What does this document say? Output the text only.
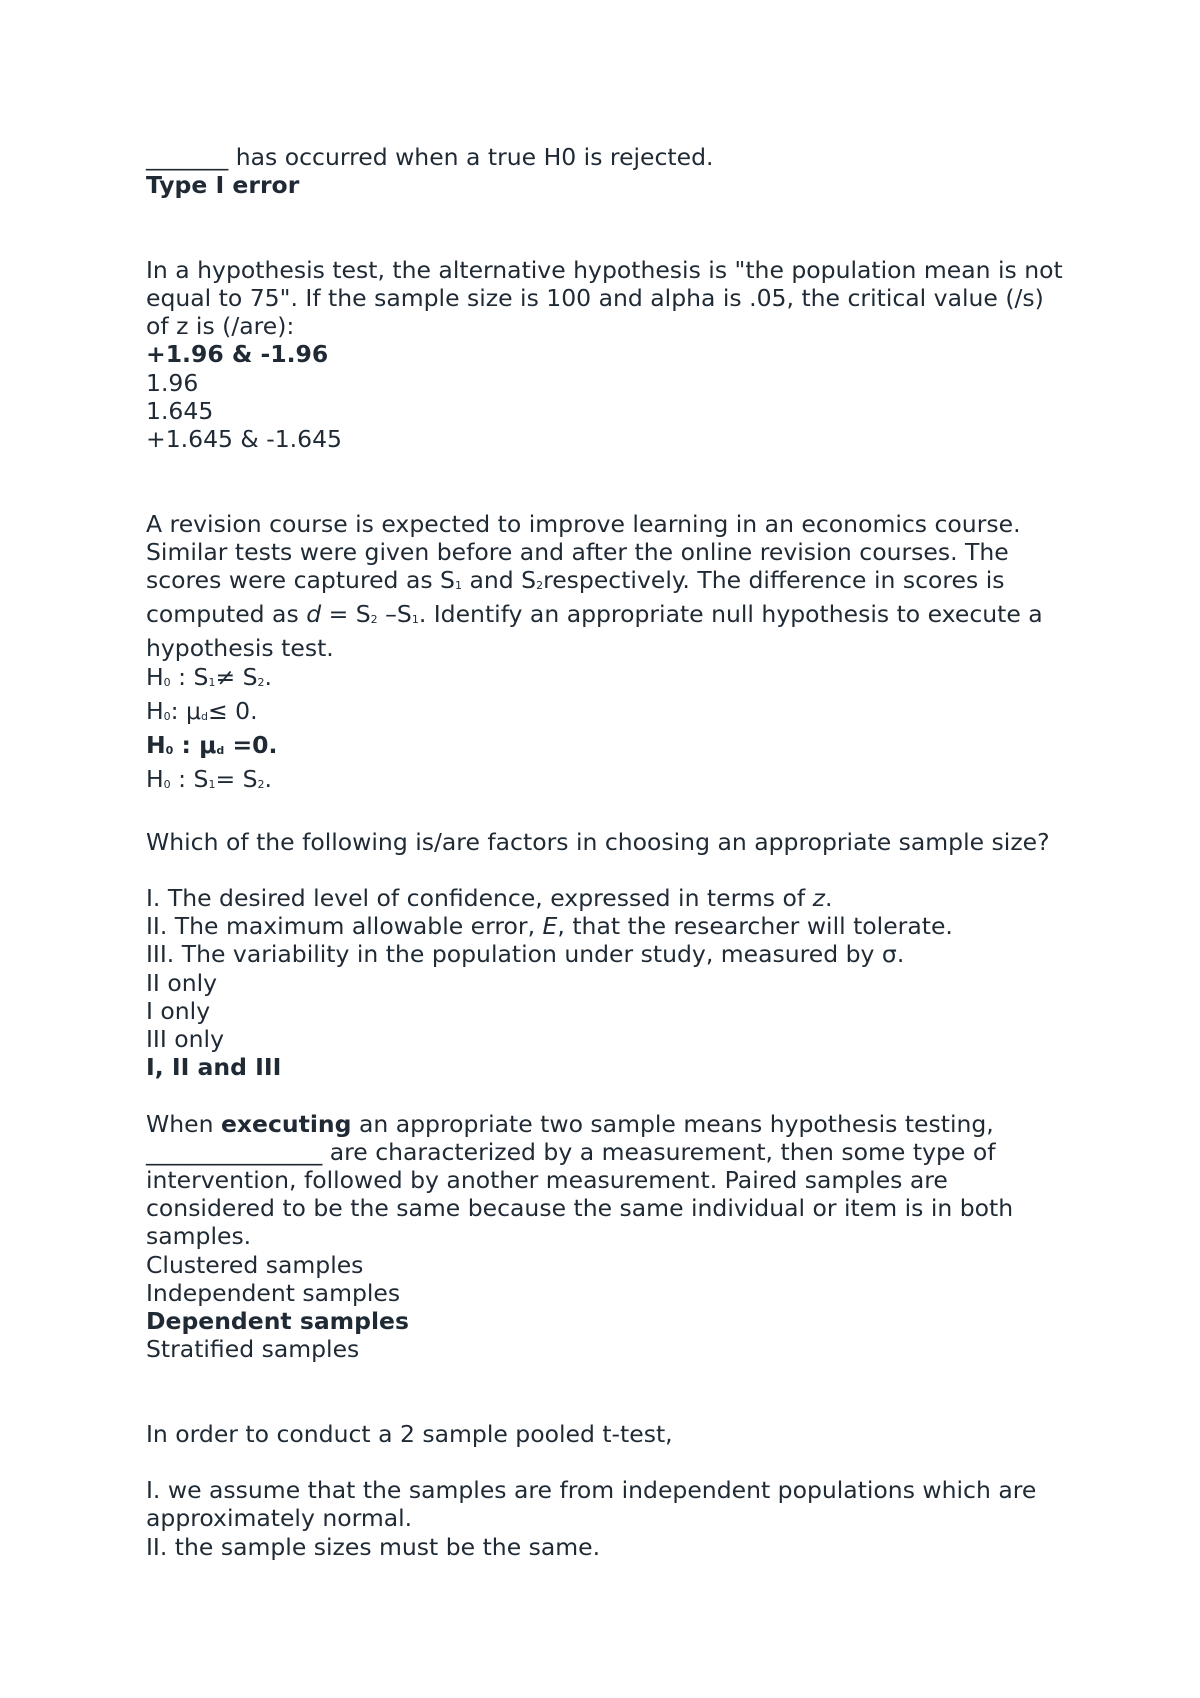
_______ has occurred when a true H0 is rejected.
Type I error
In a hypothesis test, the alternative hypothesis is "the population mean is not equal to 75". If the sample size is 100 and alpha is .05, the critical value (/s) of z is (/are):
+1.96 & -1.96
1.96
1.645
+1.645 & -1.645
A revision course is expected to improve learning in an economics course. Similar tests were given before and after the online revision courses. The scores were captured as S1 and S2respectively. The difference in scores is computed as d = S2 –S1. Identify an appropriate null hypothesis to execute a hypothesis test.
H0 : S1≠ S2.
H0: μd≤ 0.
H0 : μd =0.
H0 : S1= S2.
Which of the following is/are factors in choosing an appropriate sample size?
I. The desired level of confidence, expressed in terms of z.
II. The maximum allowable error, E, that the researcher will tolerate.
III. The variability in the population under study, measured by σ.
II only
I only
III only
I, II and III
When executing an appropriate two sample means hypothesis testing,
_______________ are characterized by a measurement, then some type of intervention, followed by another measurement. Paired samples are considered to be the same because the same individual or item is in both samples.
Clustered samples
Independent samples
Dependent samples
Stratified samples
In order to conduct a 2 sample pooled t-test,
I. we assume that the samples are from independent populations which are approximately normal.
II. the sample sizes must be the same.
